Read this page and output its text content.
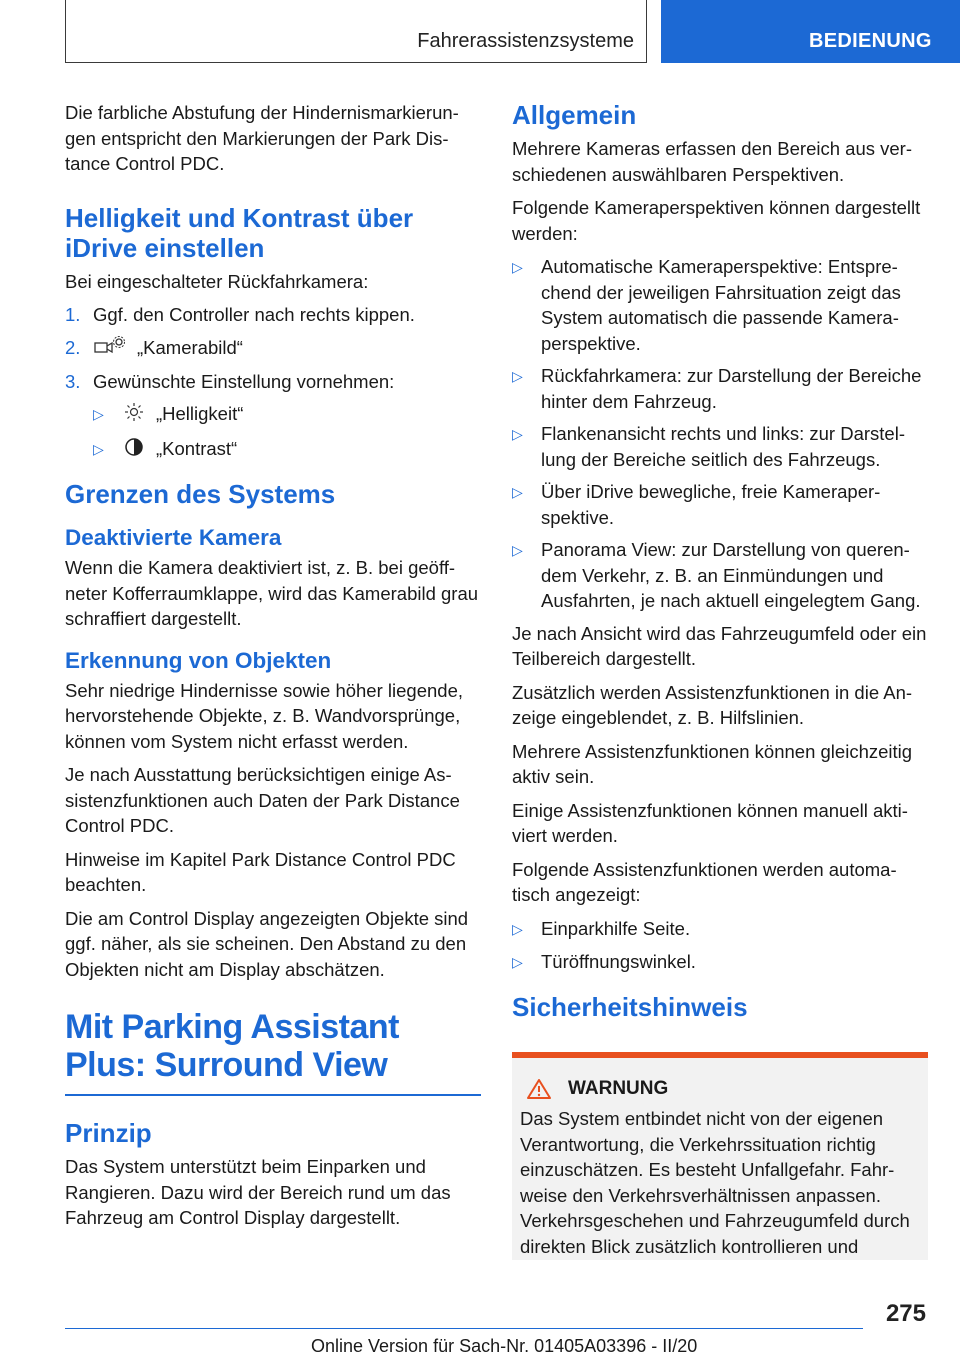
Fahrerassistenzsysteme	BEDIENUNG

Die farbliche Abstufung der Hindernismarkierungen entspricht den Markierungen der Park Distance Control PDC.

Helligkeit und Kontrast über iDrive einstellen

Bei eingeschalteter Rückfahrkamera:

1. Ggf. den Controller nach rechts kippen.
2.	„Kamerabild“
3. Gewünschte Einstellung vornehmen:
▷	„Helligkeit“
▷	„Kontrast“
Grenzen des Systems
Deaktivierte Kamera

Wenn die Kamera deaktiviert ist, z. B. bei geöffneter Kofferraumklappe, wird das Kamerabild grau schraffiert dargestellt.

Erkennung von Objekten

Sehr niedrige Hindernisse sowie höher liegende, hervorstehende Objekte, z. B. Wandvorsprünge, können vom System nicht erfasst werden.

Je nach Ausstattung berücksichtigen einige Assistenzfunktionen auch Daten der Park Distance Control PDC.

Hinweise im Kapitel Park Distance Control PDC beachten.

Die am Control Display angezeigten Objekte sind ggf. näher, als sie scheinen. Den Abstand zu den Objekten nicht am Display abschätzen.

Mit Parking Assistant Plus: Surround View
Prinzip

Das System unterstützt beim Einparken und Rangieren. Dazu wird der Bereich rund um das Fahrzeug am Control Display dargestellt.

Allgemein

Mehrere Kameras erfassen den Bereich aus verschiedenen auswählbaren Perspektiven.

Folgende Kameraperspektiven können dargestellt werden:

▷ Automatische Kameraperspektive: Entsprechend der jeweiligen Fahrsituation zeigt das System automatisch die passende Kameraperspektive.
▷ Rückfahrkamera: zur Darstellung der Bereiche hinter dem Fahrzeug.
▷ Flankenansicht rechts und links: zur Darstellung der Bereiche seitlich des Fahrzeugs.
▷ Über iDrive bewegliche, freie Kameraperspektive.
▷ Panorama View: zur Darstellung von querendem Verkehr, z. B. an Einmündungen und Ausfahrten, je nach aktuell eingelegtem Gang.

Je nach Ansicht wird das Fahrzeugumfeld oder ein Teilbereich dargestellt.

Zusätzlich werden Assistenzfunktionen in die Anzeige eingeblendet, z. B. Hilfslinien.

Mehrere Assistenzfunktionen können gleichzeitig aktiv sein.

Einige Assistenzfunktionen können manuell aktiviert werden.

Folgende Assistenzfunktionen werden automatisch angezeigt:

▷ Einparkhilfe Seite.
▷ Türöffnungswinkel.
Sicherheitshinweis
WARNUNG

Das System entbindet nicht von der eigenen Verantwortung, die Verkehrssituation richtig einzuschätzen. Es besteht Unfallgefahr. Fahrweise den Verkehrsverhältnissen anpassen. Verkehrsgeschehen und Fahrzeugumfeld durch direkten Blick zusätzlich kontrollieren und

275
Online Version für Sach-Nr. 01405A03396 - II/20
